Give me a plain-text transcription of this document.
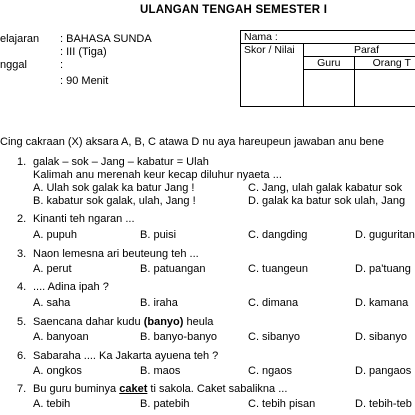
ULANGAN TENGAH SEMESTER I
elajaran : BAHASA SUNDA
: III (Tiga)
nggal	:
: 90 Menit
Nama :		
Skor / Nilai	Paraf	
	Guru	Orang T

Cing cakraan (X) aksara A, B, C atawa D nu aya hareupeun jawaban anu bene
1. galak – sok – Jang – kabatur = Ulah
Kalimah anu merenah keur kecap diluhur nyaeta ...
A. Ulah sok galak ka batur Jang !	C. Jang, ulah galak kabatur sok
B. kabatur sok galak, ulah, Jang !	D. galak ka batur sok ulah, Jang
2. Kinanti teh ngaran ...
A. pupuh	B. puisi	C. dangding	D. guguritan
3. Naon lemesna ari beuteung teh ...
A. perut	B. patuangan	C. tuangeun	D. pa'tuang
4. .... Adina ipah ?
A. saha	B. iraha	C. dimana	D. kamana
5. Saencana dahar kudu (banyo) heula
A. banyoan	B. banyo-banyo	C. sibanyo	D. sibanyo
6. Sabaraha .... Ka Jakarta ayuena teh ?
A. ongkos	B. maos	C. ngaos	D. pangaos
7. Bu guru buminya caket ti sakola. Caket sabalikna ...
A. tebih	B. patebih	C. tebih pisan	D. tebih-teb
